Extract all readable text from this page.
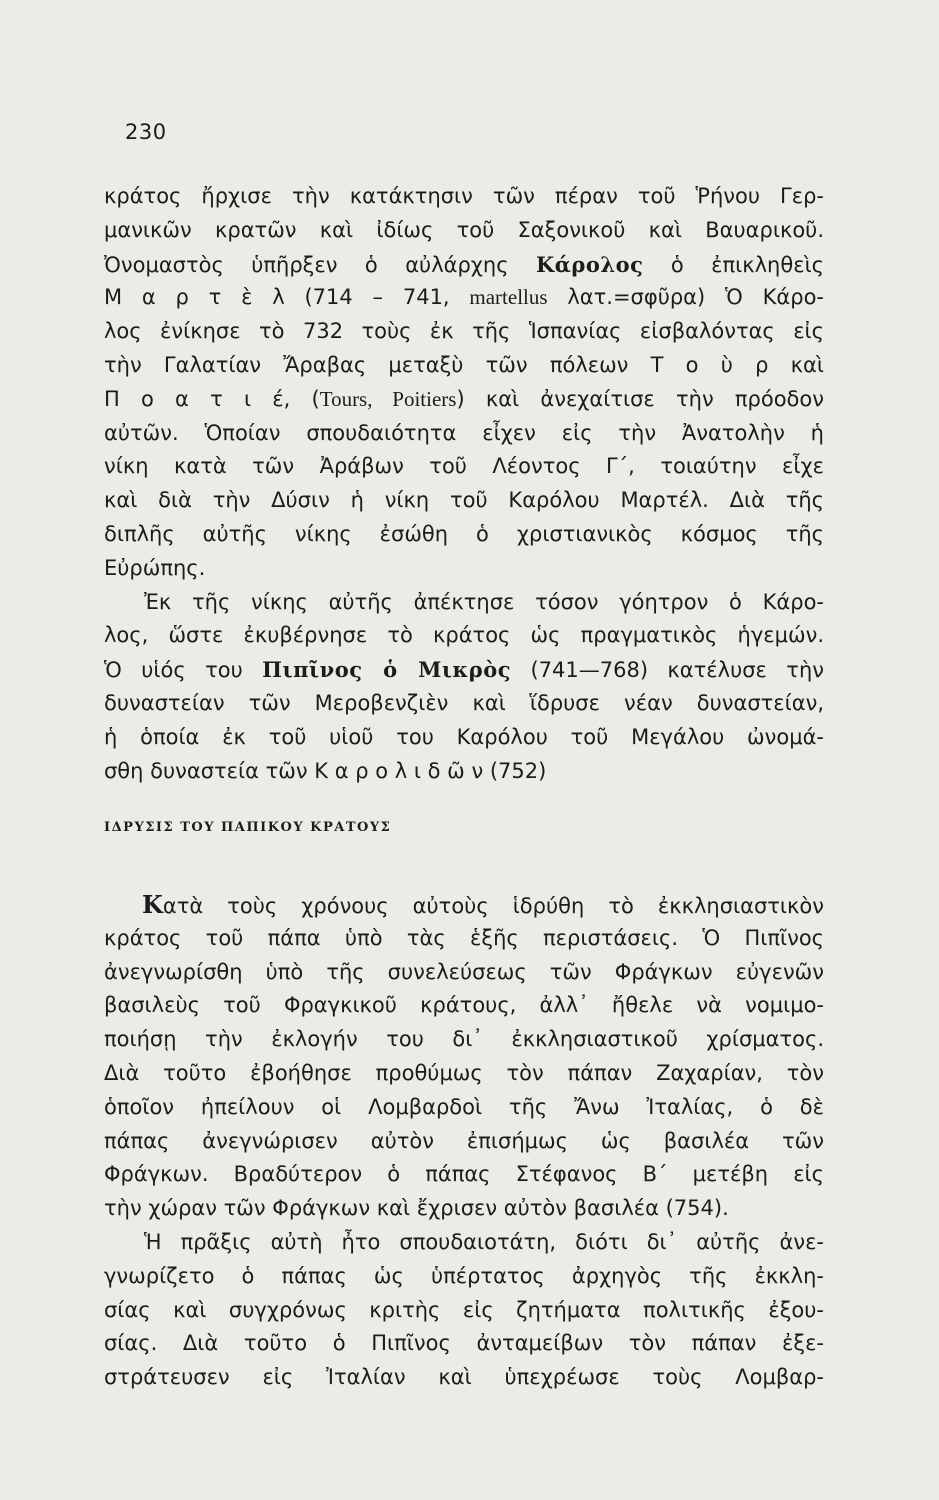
230
κράτος ἤρχισε τὴν κατάκτησιν τῶν πέραν τοῦ Ῥήνου Γερ-
μανικῶν κρατῶν καὶ ἰδίως τοῦ Σαξονικοῦ καὶ Βαυαρικοῦ.
Ὀνομαστὸς ὑπῆρξεν ὁ αὐλάρχης Κάρολος ὁ ἐπικληθεὶς
Μ α ρ τ ὲ λ (714 – 741, martellus λατ.=σφῦρα) Ὁ Κάρο-
λος ἐνίκησε τὸ 732 τοὺς ἐκ τῆς Ἱσπανίας εἰσβαλόντας εἰς
τὴν Γαλατίαν Ἄραβας μεταξὺ τῶν πόλεων Τ ο ὺ ρ καὶ
Π ο α τ ι έ, (Tours, Poitiers) καὶ ἀνεχαίτισε τὴν πρόοδον
αὐτῶν. Ὁποίαν σπουδαιότητα εἶχεν εἰς τὴν Ἀνατολὴν ἡ
νίκη κατὰ τῶν Ἀράβων τοῦ Λέοντος Γ΄, τοιαύτην εἶχε
καὶ διὰ τὴν Δύσιν ἡ νίκη τοῦ Καρόλου Μαρτέλ. Διὰ τῆς
διπλῆς αὐτῆς νίκης ἐσώθη ὁ χριστιανικὸς κόσμος τῆς
Εὐρώπης.
Ἐκ τῆς νίκης αὐτῆς ἀπέκτησε τόσον γόητρον ὁ Κάρο-
λος, ὥστε ἐκυβέρνησε τὸ κράτος ὡς πραγματικὸς ἡγεμών.
Ὁ υἱός του Πιπῖνος ὁ Μικρὸς (741—768) κατέλυσε τὴν
δυναστείαν τῶν Μεροβενζιὲν καὶ ἵδρυσε νέαν δυναστείαν,
ἡ ὁποία ἐκ τοῦ υἱοῦ του Καρόλου τοῦ Μεγάλου ὠνομά-
σθη δυναστεία τῶν Κ α ρ ο λ ι δ ῶ ν (752)
ΙΔΡΥΣΙΣ ΤΟΥ ΠΑΠΙΚΟΥ ΚΡΑΤΟΥΣ
Κατὰ τοὺς χρόνους αὐτοὺς ἱδρύθη τὸ ἐκκλησιαστικὸν
κράτος τοῦ πάπα ὑπὸ τὰς ἑξῆς περιστάσεις. Ὁ Πιπῖνος
ἀνεγνωρίσθη ὑπὸ τῆς συνελεύσεως τῶν Φράγκων εὐγενῶν
βασιλεὺς τοῦ Φραγκικοῦ κράτους, ἀλλ᾽ ἤθελε νὰ νομιμο-
ποιήσῃ τὴν ἐκλογήν του δι᾽ ἐκκλησιαστικοῦ χρίσματος.
Διὰ τοῦτο ἐβοήθησε προθύμως τὸν πάπαν Ζαχαρίαν, τὸν
ὁποῖον ἠπείλουν οἱ Λομβαρδοὶ τῆς Ἄνω Ἰταλίας, ὁ δὲ
πάπας ἀνεγνώρισεν αὐτὸν ἐπισήμως ὡς βασιλέα τῶν
Φράγκων. Βραδύτερον ὁ πάπας Στέφανος Β΄ μετέβη εἰς
τὴν χώραν τῶν Φράγκων καὶ ἔχρισεν αὐτὸν βασιλέα (754).
Ἡ πρᾶξις αὐτὴ ἦτο σπουδαιοτάτη, διότι δι᾽ αὐτῆς ἀνε-
γνωρίζετο ὁ πάπας ὡς ὑπέρτατος ἀρχηγὸς τῆς ἐκκλη-
σίας καὶ συγχρόνως κριτὴς εἰς ζητήματα πολιτικῆς ἐξου-
σίας. Διὰ τοῦτο ὁ Πιπῖνος ἀνταμείβων τὸν πάπαν ἐξε-
στράτευσεν εἰς Ἰταλίαν καὶ ὑπεχρέωσε τοὺς Λομβαρ-
